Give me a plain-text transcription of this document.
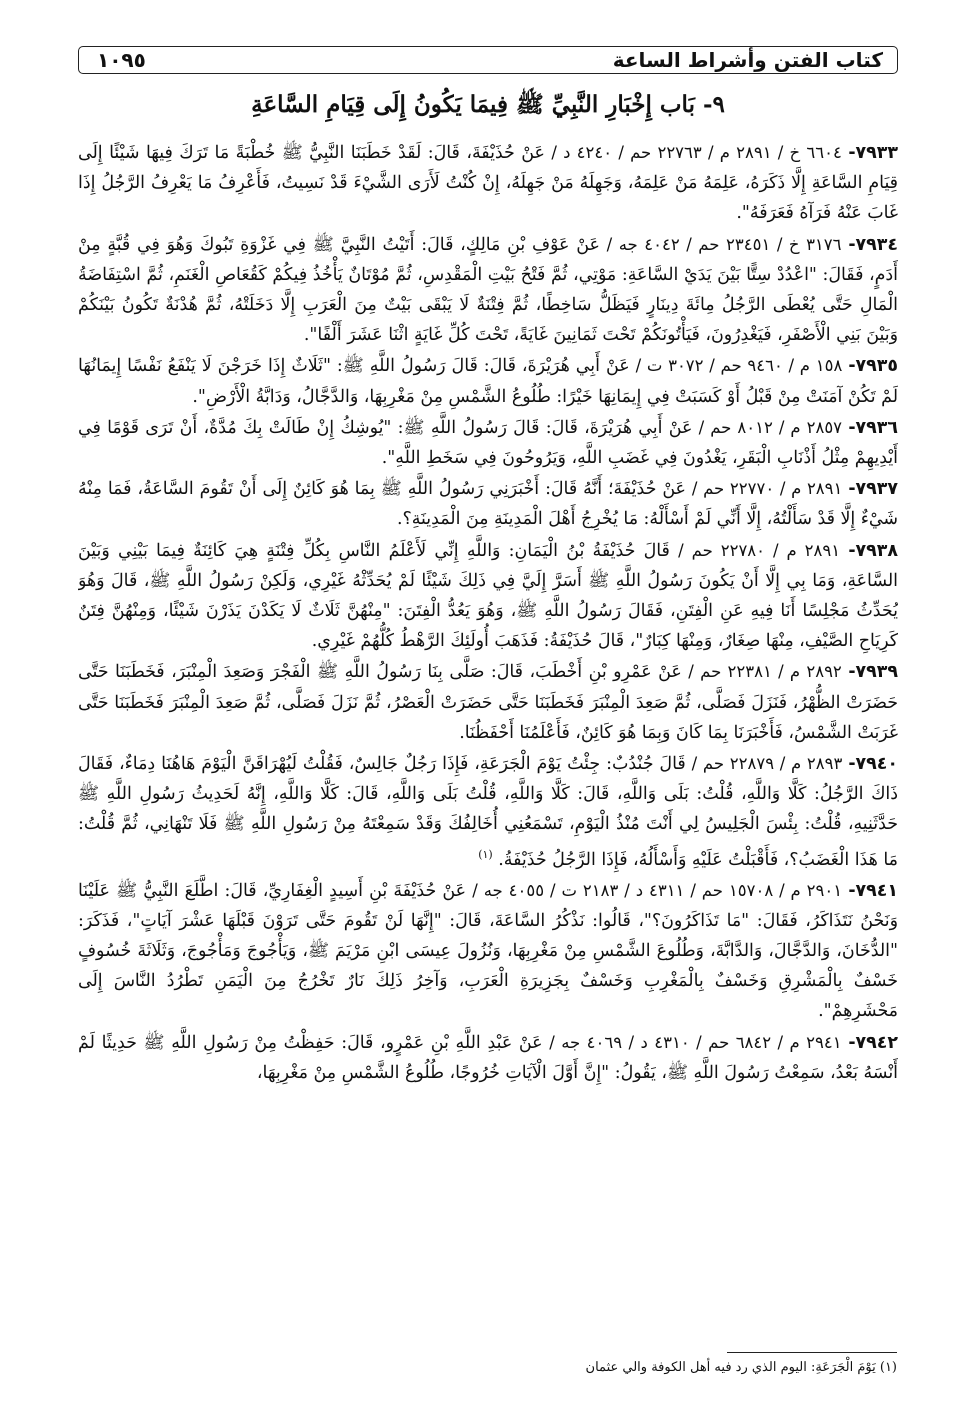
كتاب الفتن وأشراط الساعة
١٠٩٥
٩- بَاب إِخْبَارِ النَّبِيِّ ﷺ فِيمَا يَكُونُ إِلَى قِيَامِ السَّاعَةِ

٧٩٣٣- ٦٦٠٤ خ / ٢٨٩١ م / ٢٢٧٦٣ حم / ٤٢٤٠ د / عَنْ حُذَيْفَةَ، قَالَ: لَقَدْ خَطَبَنَا النَّبِيُّ ﷺ خُطْبَةً مَا تَرَكَ فِيهَا شَيْئًا إِلَى قِيَامِ السَّاعَةِ إِلَّا ذَكَرَهُ، عَلِمَهُ مَنْ عَلِمَهُ، وَجَهِلَهُ مَنْ جَهِلَهُ، إِنْ كُنْتُ لَأَرَى الشَّيْءَ قَدْ نَسِيتُ، فَأَعْرِفُ مَا يَعْرِفُ الرَّجُلُ إِذَا غَابَ عَنْهُ فَرَآهُ فَعَرَفَهُ".

٧٩٣٤- ٣١٧٦ خ / ٢٣٤٥١ حم / ٤٠٤٢ جه / عَنْ عَوْفِ بْنِ مَالِكٍ، قَالَ: أَتَيْتُ النَّبِيَّ ﷺ فِي غَزْوَةِ تَبُوكَ وَهُوَ فِي قُبَّةٍ مِنْ أَدَمٍ، فَقَالَ: "اعْدُدْ سِتًّا بَيْنَ يَدَيْ السَّاعَةِ: مَوْتِي، ثُمَّ فَتْحُ بَيْتِ الْمَقْدِسِ، ثُمَّ مُوْتَانٌ يَأْخُذُ فِيكُمْ كَقُعَاصِ الْغَنَمِ، ثُمَّ اسْتِفَاضَةُ الْمَالِ حَتَّى يُعْطَى الرَّجُلُ مِائَةَ دِينَارٍ فَيَظَلُّ سَاخِطًا، ثُمَّ فِتْنَةٌ لَا يَبْقَى بَيْتٌ مِنَ الْعَرَبِ إِلَّا دَخَلَتْهُ، ثُمَّ هُدْنَةٌ تَكُونُ بَيْنَكُمْ وَبَيْنَ بَنِي الْأَصْفَرِ، فَيَغْدِرُونَ، فَيَأْتُونَكُمْ تَحْتَ ثَمَانِينَ غَايَةً، تَحْتَ كُلِّ غَايَةٍ اثْنَا عَشَرَ أَلْفًا".

٧٩٣٥- ١٥٨ م / ٩٤٦٠ حم / ٣٠٧٢ ت / عَنْ أَبِي هُرَيْرَةَ، قَالَ: قَالَ رَسُولُ اللَّهِ ﷺ: "ثَلَاثٌ إِذَا خَرَجْنَ لَا يَنْفَعُ نَفْسًا إِيمَانُهَا لَمْ تَكُنْ آمَنَتْ مِنْ قَبْلُ أَوْ كَسَبَتْ فِي إِيمَانِهَا خَيْرًا: طُلُوعُ الشَّمْسِ مِنْ مَغْرِبِهَا، وَالدَّجَّالُ، وَدَابَّةُ الْأَرْضِ".

٧٩٣٦- ٢٨٥٧ م / ٨٠١٢ حم / عَنْ أَبِي هُرَيْرَةَ، قَالَ: قَالَ رَسُولُ اللَّهِ ﷺ: "يُوشِكُ إِنْ طَالَتْ بِكَ مُدَّةٌ، أَنْ تَرَى قَوْمًا فِي أَيْدِيهِمْ مِثْلُ أَذْنَابِ الْبَقَرِ، يَغْدُونَ فِي غَضَبِ اللَّهِ، وَيَرُوحُونَ فِي سَخَطِ اللَّهِ".

٧٩٣٧- ٢٨٩١ م / ٢٢٧٧٠ حم / عَنْ حُذَيْفَةَ؛ أَنَّهُ قَالَ: أَخْبَرَنِي رَسُولُ اللَّهِ ﷺ بِمَا هُوَ كَائِنٌ إِلَى أَنْ تَقُومَ السَّاعَةُ، فَمَا مِنْهُ شَيْءٌ إِلَّا قَدْ سَأَلْتُهُ، إِلَّا أَنِّي لَمْ أَسْأَلْهُ: مَا يُخْرِجُ أَهْلَ الْمَدِينَةِ مِنَ الْمَدِينَةِ؟.

٧٩٣٨- ٢٨٩١ م / ٢٢٧٨٠ حم / قَالَ حُذَيْفَةُ بْنُ الْيَمَانِ: وَاللَّهِ إِنِّي لَأَعْلَمُ النَّاسِ بِكُلِّ فِتْنَةٍ هِيَ كَائِنَةٌ فِيمَا بَيْنِي وَبَيْنَ السَّاعَةِ، وَمَا بِي إِلَّا أَنْ يَكُونَ رَسُولُ اللَّهِ ﷺ أَسَرَّ إِلَيَّ فِي ذَلِكَ شَيْئًا لَمْ يُحَدِّثْهُ غَيْرِي، وَلَكِنْ رَسُولُ اللَّهِ ﷺ، قَالَ وَهُوَ يُحَدِّثُ مَجْلِسًا أَنَا فِيهِ عَنِ الْفِتَنِ، فَقَالَ رَسُولُ اللَّهِ ﷺ، وَهُوَ يَعُدُّ الْفِتَنَ: "مِنْهُنَّ ثَلَاثٌ لَا يَكَدْنَ يَذَرْنَ شَيْئًا، وَمِنْهُنَّ فِتَنٌ كَرِيَاحِ الصَّيْفِ، مِنْهَا صِغَارٌ، وَمِنْهَا كِبَارٌ"، قَالَ حُذَيْفَةُ: فَذَهَبَ أُولَئِكَ الرَّهْطُ كُلُّهُمْ غَيْرِي.

٧٩٣٩- ٢٨٩٢ م / ٢٢٣٨١ حم / عَنْ عَمْرِو بْنِ أَخْطَبَ، قَالَ: صَلَّى بِنَا رَسُولُ اللَّهِ ﷺ الْفَجْرَ وَصَعِدَ الْمِنْبَرَ، فَخَطَبَنَا حَتَّى حَضَرَتْ الظُّهْرُ، فَنَزَلَ فَصَلَّى، ثُمَّ صَعِدَ الْمِنْبَرَ فَخَطَبَنَا حَتَّى حَضَرَتْ الْعَصْرُ، ثُمَّ نَزَلَ فَصَلَّى، ثُمَّ صَعِدَ الْمِنْبَرَ فَخَطَبَنَا حَتَّى غَرَبَتْ الشَّمْسُ، فَأَخْبَرَنَا بِمَا كَانَ وَبِمَا هُوَ كَائِنٌ، فَأَعْلَمُنَا أَحْفَظُنَا.

٧٩٤٠- ٢٨٩٣ م / ٢٢٨٧٩ حم / قَالَ جُنْدُبٌ: جِئْتُ يَوْمَ الْجَرَعَةِ، فَإِذَا رَجُلٌ جَالِسٌ، فَقُلْتُ لَيُهْرَاقَنَّ الْيَوْمَ هَاهُنَا دِمَاءٌ، فَقَالَ ذَاكَ الرَّجُلُ: كَلَّا وَاللَّهِ، قُلْتُ: بَلَى وَاللَّهِ، قَالَ: كَلَّا وَاللَّهِ، قُلْتُ بَلَى وَاللَّهِ، قَالَ: كَلَّا وَاللَّهِ، إِنَّهُ لَحَدِيثُ رَسُولِ اللَّهِ ﷺ حَدَّثَنِيهِ، قُلْتُ: بِئْسَ الْجَلِيسُ لِي أَنْتَ مُنْذُ الْيَوْمِ، تَسْمَعُنِي أُخَالِفُكَ وَقَدْ سَمِعْتَهُ مِنْ رَسُولِ اللَّهِ ﷺ فَلَا تَنْهَانِي، ثُمَّ قُلْتُ: مَا هَذَا الْغَضَبُ؟، فَأَقْبَلْتُ عَلَيْهِ وَأَسْأَلُهُ، فَإِذَا الرَّجُلُ حُذَيْفَةُ. $^{(١)}$

٧٩٤١- ٢٩٠١ م / ١٥٧٠٨ حم / ٤٣١١ د / ٢١٨٣ ت / ٤٠٥٥ جه / عَنْ حُذَيْفَةَ بْنِ أَسِيدٍ الْغِفَارِيِّ، قَالَ: اطَّلَعَ النَّبِيُّ ﷺ عَلَيْنَا وَنَحْنُ نَتَذَاكَرُ، فَقَالَ: "مَا تَذَاكَرُونَ؟"، قَالُوا: نَذْكُرُ السَّاعَةَ، قَالَ: "إِنَّهَا لَنْ تَقُومَ حَتَّى تَرَوْنَ قَبْلَهَا عَشْرَ آيَاتٍ"، فَذَكَرَ: "الدُّخَانَ، وَالدَّجَّالَ، وَالدَّابَّةَ، وَطُلُوعَ الشَّمْسِ مِنْ مَغْرِبِهَا، وَنُزُولَ عِيسَى ابْنِ مَرْيَمَ ﷺ، وَيَأْجُوجَ وَمَأْجُوجَ، وَثَلَاثَةَ خُسُوفٍ خَسْفٌ بِالْمَشْرِقِ وَخَسْفٌ بِالْمَغْرِبِ وَخَسْفٌ بِجَزِيرَةِ الْعَرَبِ، وَآخِرُ ذَلِكَ نَارٌ تَخْرُجُ مِنَ الْيَمَنِ تَطْرُدُ النَّاسَ إِلَى مَحْشَرِهِمْ".

٧٩٤٢- ٢٩٤١ م / ٦٨٤٢ حم / ٤٣١٠ د / ٤٠٦٩ جه / عَنْ عَبْدِ اللَّهِ بْنِ عَمْرٍو، قَالَ: حَفِظْتُ مِنْ رَسُولِ اللَّهِ ﷺ حَدِيثًا لَمْ أَنْسَهُ بَعْدُ، سَمِعْتُ رَسُولَ اللَّهِ ﷺ، يَقُولُ: "إِنَّ أَوَّلَ الْآيَاتِ خُرُوجًا، طُلُوعُ الشَّمْسِ مِنْ مَغْرِبِهَا،

(١) يَوْمَ الْجَرَعَةِ: اليوم الذي رد فيه أهل الكوفة والي عثمان
